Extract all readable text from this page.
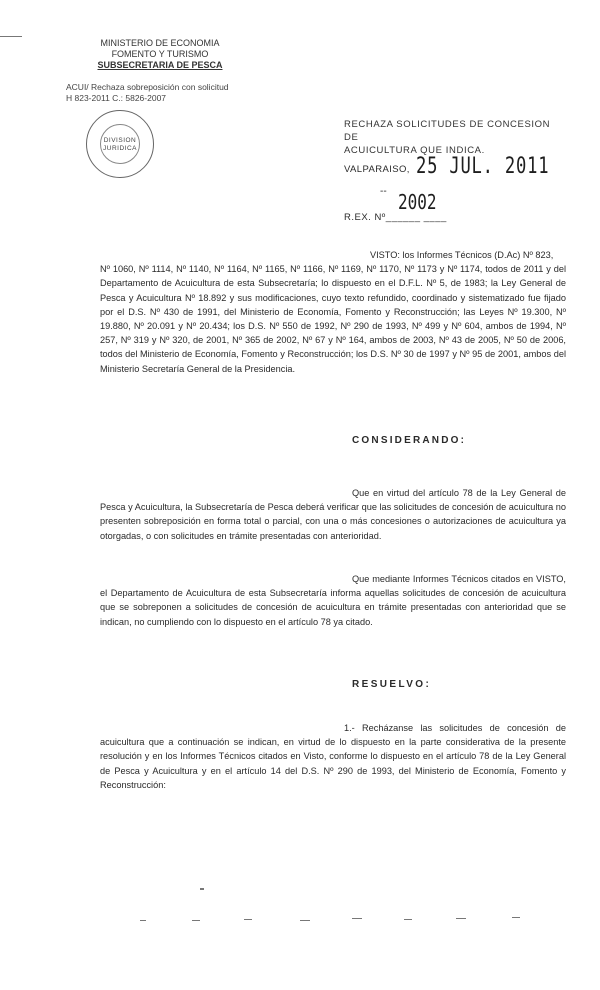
MINISTERIO DE ECONOMIA
FOMENTO Y TURISMO
SUBSECRETARIA DE PESCA
ACUI/ Rechaza sobreposición con solicitud
H 823-2011 C.: 5826-2007
DIVISION
JURIDICA
RECHAZA SOLICITUDES DE CONCESION DE
ACUICULTURA QUE INDICA.
VALPARAISO, 25 JUL. 2011
-- 2002
R.EX. Nº______ ____
VISTO: los Informes Técnicos (D.Ac) Nº 823,
Nº 1060, Nº 1114, Nº 1140, Nº 1164, Nº 1165, Nº 1166, Nº 1169, Nº 1170, Nº 1173 y Nº 1174, todos de 2011 y del Departamento de Acuicultura de esta Subsecretaría; lo dispuesto en el D.F.L. Nº 5, de 1983; la Ley General de Pesca y Acuicultura Nº 18.892 y sus modificaciones, cuyo texto refundido, coordinado y sistematizado fue fijado por el D.S. Nº 430 de 1991, del Ministerio de Economía, Fomento y Reconstrucción; las Leyes Nº 19.300, Nº 19.880, Nº 20.091 y Nº 20.434; los D.S. Nº 550 de 1992, Nº 290 de 1993, Nº 499 y Nº 604, ambos de 1994, Nº 257, Nº 319 y Nº 320, de 2001, Nº 365 de 2002, Nº 67 y Nº 164, ambos de 2003, Nº 43 de 2005, Nº 50 de 2006, todos del Ministerio de Economía, Fomento y Reconstrucción; los D.S. Nº 30 de 1997 y Nº 95 de 2001, ambos del Ministerio Secretaría General de la Presidencia.
CONSIDERANDO:
Que en virtud del artículo 78 de la Ley General de Pesca y Acuicultura, la Subsecretaría de Pesca deberá verificar que las solicitudes de concesión de acuicultura no presenten sobreposición en forma total o parcial, con una o más concesiones o autorizaciones de acuicultura ya otorgadas, o con solicitudes en trámite presentadas con anterioridad.
Que mediante Informes Técnicos citados en VISTO, el Departamento de Acuicultura de esta Subsecretaría informa aquellas solicitudes de concesión de acuicultura que se sobreponen a solicitudes de concesión de acuicultura en trámite presentadas con anterioridad que se indican, no cumpliendo con lo dispuesto en el artículo 78 ya citado.
RESUELVO:
1.- Recházanse las solicitudes de concesión de acuicultura que a continuación se indican, en virtud de lo dispuesto en la parte considerativa de la presente resolución y en los Informes Técnicos citados en Visto, conforme lo dispuesto en el artículo 78 de la Ley General de Pesca y Acuicultura y en el artículo 14 del D.S. Nº 290 de 1993, del Ministerio de Economía, Fomento y Reconstrucción:
